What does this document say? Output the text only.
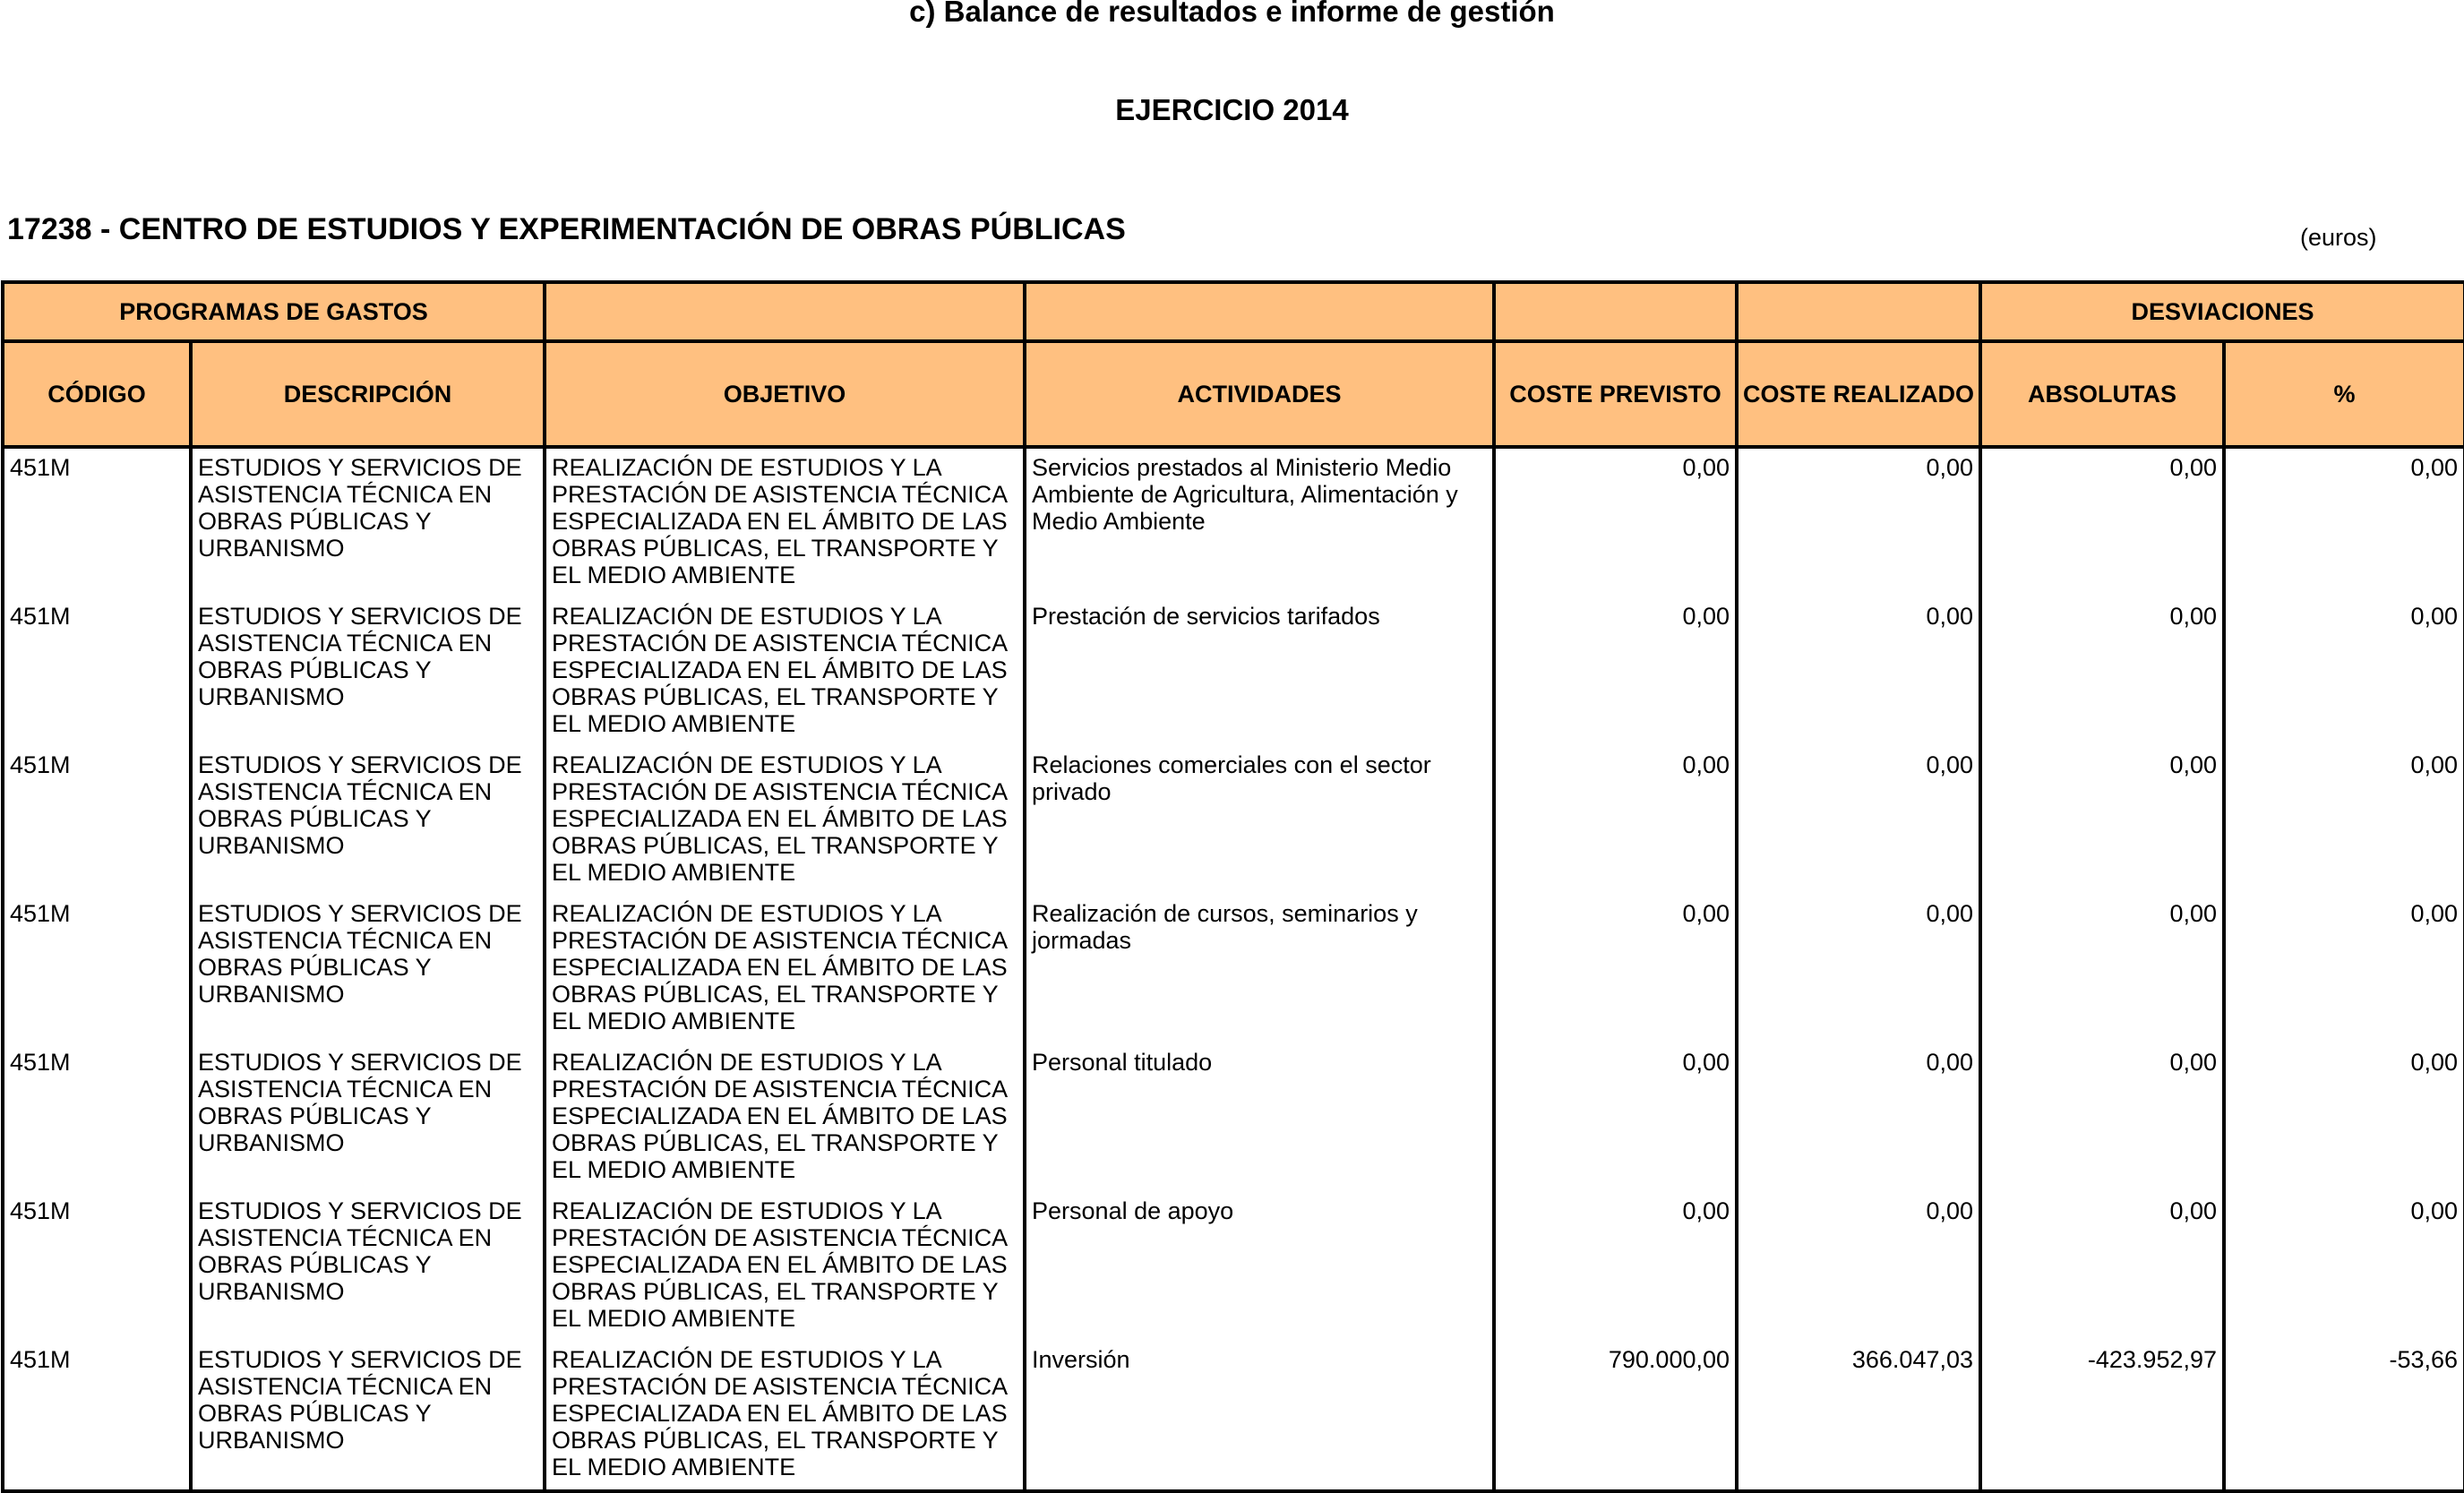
c) Balance de resultados e informe de gestión
EJERCICIO 2014
17238 - CENTRO DE ESTUDIOS Y EXPERIMENTACIÓN DE OBRAS PÚBLICAS	(euros)
PROGRAMAS DE GASTOS						DESVIACIONES	
CÓDIGO	DESCRIPCIÓN	OBJETIVO	ACTIVIDADES	COSTE PREVISTO	COSTE REALIZADO	ABSOLUTAS	%
451M	ESTUDIOS Y SERVICIOS DE ASISTENCIA TÉCNICA EN OBRAS PÚBLICAS Y URBANISMO	REALIZACIÓN DE ESTUDIOS Y LA PRESTACIÓN DE ASISTENCIA TÉCNICA ESPECIALIZADA EN EL ÁMBITO DE LAS OBRAS PÚBLICAS, EL TRANSPORTE Y EL MEDIO AMBIENTE	Servicios prestados al Ministerio Medio Ambiente de Agricultura, Alimentación y Medio Ambiente	0,00	0,00	0,00	0,00
451M	ESTUDIOS Y SERVICIOS DE ASISTENCIA TÉCNICA EN OBRAS PÚBLICAS Y URBANISMO	REALIZACIÓN DE ESTUDIOS Y LA PRESTACIÓN DE ASISTENCIA TÉCNICA ESPECIALIZADA EN EL ÁMBITO DE LAS OBRAS PÚBLICAS, EL TRANSPORTE Y EL MEDIO AMBIENTE	Prestación de servicios tarifados	0,00	0,00	0,00	0,00
451M	ESTUDIOS Y SERVICIOS DE ASISTENCIA TÉCNICA EN OBRAS PÚBLICAS Y URBANISMO	REALIZACIÓN DE ESTUDIOS Y LA PRESTACIÓN DE ASISTENCIA TÉCNICA ESPECIALIZADA EN EL ÁMBITO DE LAS OBRAS PÚBLICAS, EL TRANSPORTE Y EL MEDIO AMBIENTE	Relaciones comerciales con el sector privado	0,00	0,00	0,00	0,00
451M	ESTUDIOS Y SERVICIOS DE ASISTENCIA TÉCNICA EN OBRAS PÚBLICAS Y URBANISMO	REALIZACIÓN DE ESTUDIOS Y LA PRESTACIÓN DE ASISTENCIA TÉCNICA ESPECIALIZADA EN EL ÁMBITO DE LAS OBRAS PÚBLICAS, EL TRANSPORTE Y EL MEDIO AMBIENTE	Realización de cursos, seminarios y jormadas	0,00	0,00	0,00	0,00
451M	ESTUDIOS Y SERVICIOS DE ASISTENCIA TÉCNICA EN OBRAS PÚBLICAS Y URBANISMO	REALIZACIÓN DE ESTUDIOS Y LA PRESTACIÓN DE ASISTENCIA TÉCNICA ESPECIALIZADA EN EL ÁMBITO DE LAS OBRAS PÚBLICAS, EL TRANSPORTE Y EL MEDIO AMBIENTE	Personal titulado	0,00	0,00	0,00	0,00
451M	ESTUDIOS Y SERVICIOS DE ASISTENCIA TÉCNICA EN OBRAS PÚBLICAS Y URBANISMO	REALIZACIÓN DE ESTUDIOS Y LA PRESTACIÓN DE ASISTENCIA TÉCNICA ESPECIALIZADA EN EL ÁMBITO DE LAS OBRAS PÚBLICAS, EL TRANSPORTE Y EL MEDIO AMBIENTE	Personal de apoyo	0,00	0,00	0,00	0,00
451M	ESTUDIOS Y SERVICIOS DE ASISTENCIA TÉCNICA EN OBRAS PÚBLICAS Y URBANISMO	REALIZACIÓN DE ESTUDIOS Y LA PRESTACIÓN DE ASISTENCIA TÉCNICA ESPECIALIZADA EN EL ÁMBITO DE LAS OBRAS PÚBLICAS, EL TRANSPORTE Y EL MEDIO AMBIENTE	Inversión	790.000,00	366.047,03	-423.952,97	-53,66
